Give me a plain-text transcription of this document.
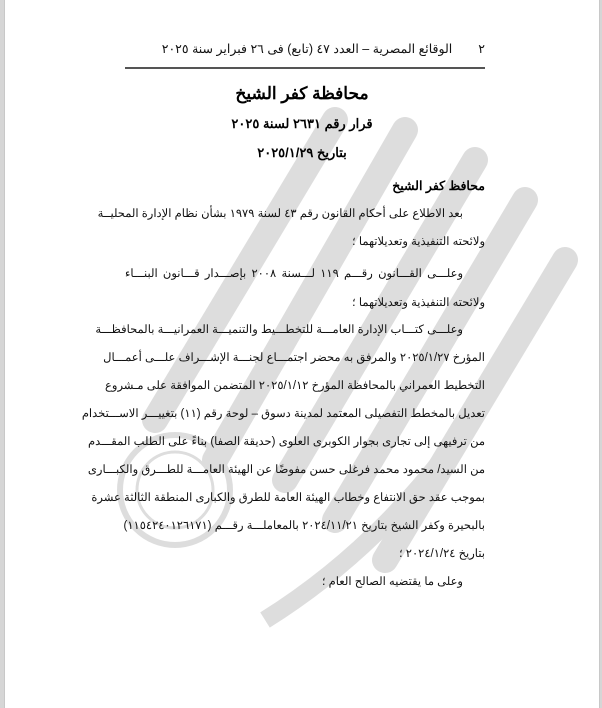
٢
الوقائع المصرية – العدد ٤٧ (تابع) فى ٢٦ فبراير سنة ٢٠٢٥
محافظة كفر الشيخ
قرار رقم ٢٦٣١ لسنة ٢٠٢٥
بتاريخ ٢٠٢٥/١/٢٩
محافظ كفر الشيخ
بعد الاطلاع على أحكام القانون رقم ٤٣ لسنة ١٩٧٩ بشأن نظام الإدارة المحليــة
ولائحته التنفيذية وتعديلاتهما ؛
وعلـــى القـــانون رقـــم ١١٩ لـــسنة ٢٠٠٨ بإصـــدار قـــانون البنـــاء
ولائحته التنفيذية وتعديلاتهما ؛
وعلـــى كتـــاب الإدارة العامـــة للتخطـــيط والتنميـــة العمرانيـــة بالمحافظـــة
المؤرخ ٢٠٢٥/١/٢٧ والمرفق به محضر اجتمـــاع لجنـــة الإشـــراف علـــى أعمـــال
التخطيط العمراني بالمحافظة المؤرخ ٢٠٢٥/١/١٢ المتضمن الموافقة على مـشروع
تعديل بالمخطط التفصيلى المعتمد لمدينة دسوق – لوحة رقم (١١) بتغييـــر الاســـتخدام
من ترفيهى إلى تجارى بجوار الكوبرى العلوى (حديقة الصفا) بناءً على الطلب المقـــدم
من السيد/ محمود محمد فرغلى حسن مفوضًا عن الهيئة العامـــة للطـــرق والكبـــارى
بموجب عقد حق الانتفاع وخطاب الهيئة العامة للطرق والكبارى المنطقة الثالثة عشرة
بالبحيرة وكفر الشيخ بتاريخ ٢٠٢٤/١١/٢١ بالمعاملـــة رقـــم (١١٥٤٢٤٠١٢٦١٧١)
بتاريخ ٢٠٢٤/١/٢٤ ؛
وعلى ما يقتضيه الصالح العام ؛
